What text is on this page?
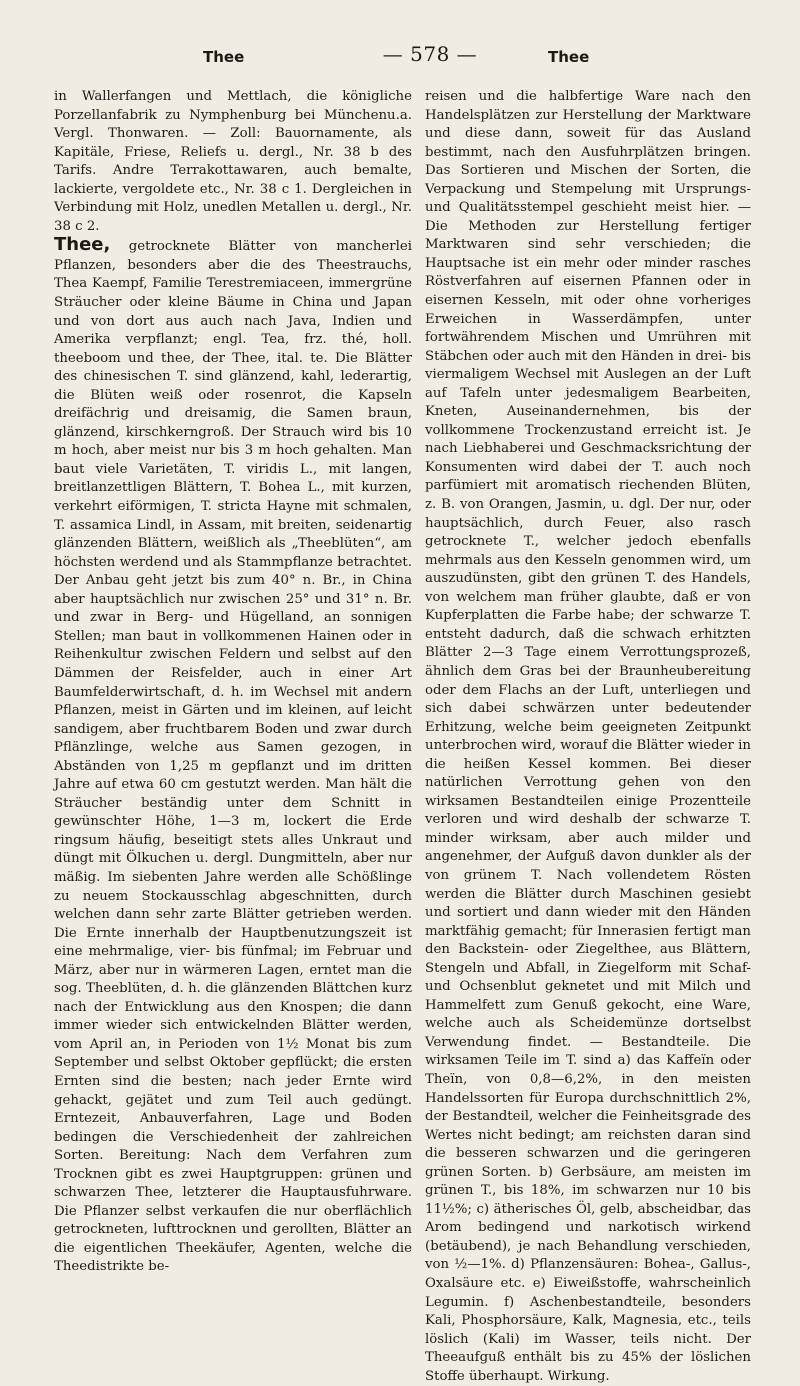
Thee	— 578 —	Thee

in Wallerfangen und Mettlach, die königliche Porzellanfabrik zu Nymphenburg bei Münchenu.a. Vergl. Thonwaren. — Zoll: Bauornamente, als Kapitäle, Friese, Reliefs u. dergl., Nr. 38 b des Tarifs. Andre Terrakottawaren, auch bemalte, lackierte, vergoldete etc., Nr. 38 c 1. Dergleichen in Verbindung mit Holz, unedlen Metallen u. dergl., Nr. 38 c 2.

Thee, getrocknete Blätter von mancherlei Pflanzen, besonders aber die des Theestrauchs, Thea Kaempf, Familie Terestremiaceen, immergrüne Sträucher oder kleine Bäume in China und Japan und von dort aus auch nach Java, Indien und Amerika verpflanzt; engl. Tea, frz. thé, holl. theeboom und thee, der Thee, ital. te. Die Blätter des chinesischen T. sind glänzend, kahl, lederartig, die Blüten weiß oder rosenrot, die Kapseln dreifächrig und dreisamig, die Samen braun, glänzend, kirschkerngroß. Der Strauch wird bis 10 m hoch, aber meist nur bis 3 m hoch gehalten. Man baut viele Varietäten, T. viridis L., mit langen, breitlanzettligen Blättern, T. Bohea L., mit kurzen, verkehrt eiförmigen, T. stricta Hayne mit schmalen, T. assamica Lindl, in Assam, mit breiten, seidenartig glänzenden Blättern, weißlich als „Theeblüten“, am höchsten werdend und als Stammpflanze betrachtet. Der Anbau geht jetzt bis zum 40° n. Br., in China aber hauptsächlich nur zwischen 25° und 31° n. Br. und zwar in Berg- und Hügelland, an sonnigen Stellen; man baut in vollkommenen Hainen oder in Reihenkultur zwischen Feldern und selbst auf den Dämmen der Reisfelder, auch in einer Art Baumfelderwirtschaft, d. h. im Wechsel mit andern Pflanzen, meist in Gärten und im kleinen, auf leicht sandigem, aber fruchtbarem Boden und zwar durch Pflänzlinge, welche aus Samen gezogen, in Abständen von 1,25 m gepflanzt und im dritten Jahre auf etwa 60 cm gestutzt werden. Man hält die Sträucher beständig unter dem Schnitt in gewünschter Höhe, 1—3 m, lockert die Erde ringsum häufig, beseitigt stets alles Unkraut und düngt mit Ölkuchen u. dergl. Dungmitteln, aber nur mäßig. Im siebenten Jahre werden alle Schößlinge zu neuem Stockausschlag abgeschnitten, durch welchen dann sehr zarte Blätter getrieben werden. Die Ernte innerhalb der Hauptbenutzungszeit ist eine mehrmalige, vier- bis fünfmal; im Februar und März, aber nur in wärmeren Lagen, erntet man die sog. Theeblüten, d. h. die glänzenden Blättchen kurz nach der Entwicklung aus den Knospen; die dann immer wieder sich entwickelnden Blätter werden, vom April an, in Perioden von 1½ Monat bis zum September und selbst Oktober gepflückt; die ersten Ernten sind die besten; nach jeder Ernte wird gehackt, gejätet und zum Teil auch gedüngt. Erntezeit, Anbauverfahren, Lage und Boden bedingen die Verschiedenheit der zahlreichen Sorten. Bereitung: Nach dem Verfahren zum Trocknen gibt es zwei Hauptgruppen: grünen und schwarzen Thee, letzterer die Hauptausfuhrware. Die Pflanzer selbst verkaufen die nur oberflächlich getrockneten, lufttrocknen und gerollten, Blätter an die eigentlichen Theekäufer, Agenten, welche die Theedistrikte be-

reisen und die halbfertige Ware nach den Handelsplätzen zur Herstellung der Marktware und diese dann, soweit für das Ausland bestimmt, nach den Ausfuhrplätzen bringen. Das Sortieren und Mischen der Sorten, die Verpackung und Stempelung mit Ursprungs- und Qualitätsstempel geschieht meist hier. — Die Methoden zur Herstellung fertiger Marktwaren sind sehr verschieden; die Hauptsache ist ein mehr oder minder rasches Röstverfahren auf eisernen Pfannen oder in eisernen Kesseln, mit oder ohne vorheriges Erweichen in Wasserdämpfen, unter fortwährendem Mischen und Umrühren mit Stäbchen oder auch mit den Händen in drei- bis viermaligem Wechsel mit Auslegen an der Luft auf Tafeln unter jedesmaligem Bearbeiten, Kneten, Auseinandernehmen, bis der vollkommene Trockenzustand erreicht ist. Je nach Liebhaberei und Geschmacksrichtung der Konsumenten wird dabei der T. auch noch parfümiert mit aromatisch riechenden Blüten, z. B. von Orangen, Jasmin, u. dgl. Der nur, oder hauptsächlich, durch Feuer, also rasch getrocknete T., welcher jedoch ebenfalls mehrmals aus den Kesseln genommen wird, um auszudünsten, gibt den grünen T. des Handels, von welchem man früher glaubte, daß er von Kupferplatten die Farbe habe; der schwarze T. entsteht dadurch, daß die schwach erhitzten Blätter 2—3 Tage einem Verrottungsprozeß, ähnlich dem Gras bei der Braunheubereitung oder dem Flachs an der Luft, unterliegen und sich dabei schwärzen unter bedeutender Erhitzung, welche beim geeigneten Zeitpunkt unterbrochen wird, worauf die Blätter wieder in die heißen Kessel kommen. Bei dieser natürlichen Verrottung gehen von den wirksamen Bestandteilen einige Prozentteile verloren und wird deshalb der schwarze T. minder wirksam, aber auch milder und angenehmer, der Aufguß davon dunkler als der von grünem T. Nach vollendetem Rösten werden die Blätter durch Maschinen gesiebt und sortiert und dann wieder mit den Händen marktfähig gemacht; für Innerasien fertigt man den Backstein- oder Ziegelthee, aus Blättern, Stengeln und Abfall, in Ziegelform mit Schaf- und Ochsenblut geknetet und mit Milch und Hammelfett zum Genuß gekocht, eine Ware, welche auch als Scheidemünze dortselbst Verwendung findet. — Bestandteile. Die wirksamen Teile im T. sind a) das Kaffeïn oder Theïn, von 0,8—6,2%, in den meisten Handelssorten für Europa durchschnittlich 2%, der Bestandteil, welcher die Feinheitsgrade des Wertes nicht bedingt; am reichsten daran sind die besseren schwarzen und die geringeren grünen Sorten. b) Gerbsäure, am meisten im grünen T., bis 18%, im schwarzen nur 10 bis 11½%; c) ätherisches Öl, gelb, abscheidbar, das Arom bedingend und narkotisch wirkend (betäubend), je nach Behandlung verschieden, von ½—1%. d) Pflanzensäuren: Bohea-, Gallus-, Oxalsäure etc. e) Eiweißstoffe, wahrscheinlich Legumin. f) Aschenbestandteile, besonders Kali, Phosphorsäure, Kalk, Magnesia, etc., teils löslich (Kali) im Wasser, teils nicht. Der Theeaufguß enthält bis zu 45% der löslichen Stoffe überhaupt. Wirkung.
